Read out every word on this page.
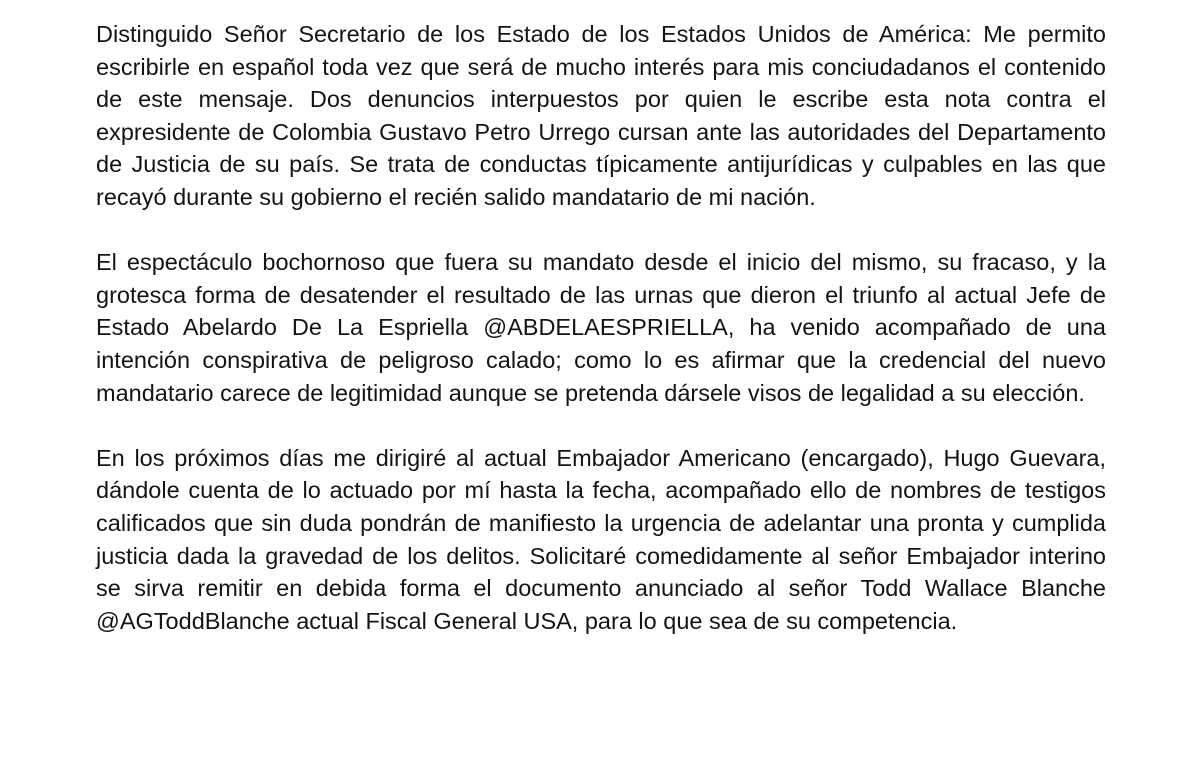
Distinguido Señor Secretario de los Estado de los Estados Unidos de América: Me permito escribirle en español toda vez que será de mucho interés para mis conciudadanos el contenido de este mensaje. Dos denuncios interpuestos por quien le escribe esta nota contra el expresidente de Colombia Gustavo Petro Urrego cursan ante las autoridades del Departamento de Justicia de su país. Se trata de conductas típicamente antijurídicas y culpables en las que recayó durante su gobierno el recién salido mandatario de mi nación.

El espectáculo bochornoso que fuera su mandato desde el inicio del mismo, su fracaso, y la grotesca forma de desatender el resultado de las urnas que dieron el triunfo al actual Jefe de Estado Abelardo De La Espriella @ABDELAESPRIELLA, ha venido acompañado de una intención conspirativa de peligroso calado; como lo es afirmar que la credencial del nuevo mandatario carece de legitimidad aunque se pretenda dársele visos de legalidad a su elección.

En los próximos días me dirigiré al actual Embajador Americano (encargado), Hugo Guevara, dándole cuenta de lo actuado por mí hasta la fecha, acompañado ello de nombres de testigos calificados que sin duda pondrán de manifiesto la urgencia de adelantar una pronta y cumplida justicia dada la gravedad de los delitos. Solicitaré comedidamente al señor Embajador interino se sirva remitir en debida forma el documento anunciado al señor Todd Wallace Blanche @AGToddBlanche actual Fiscal General USA, para lo que sea de su competencia.
